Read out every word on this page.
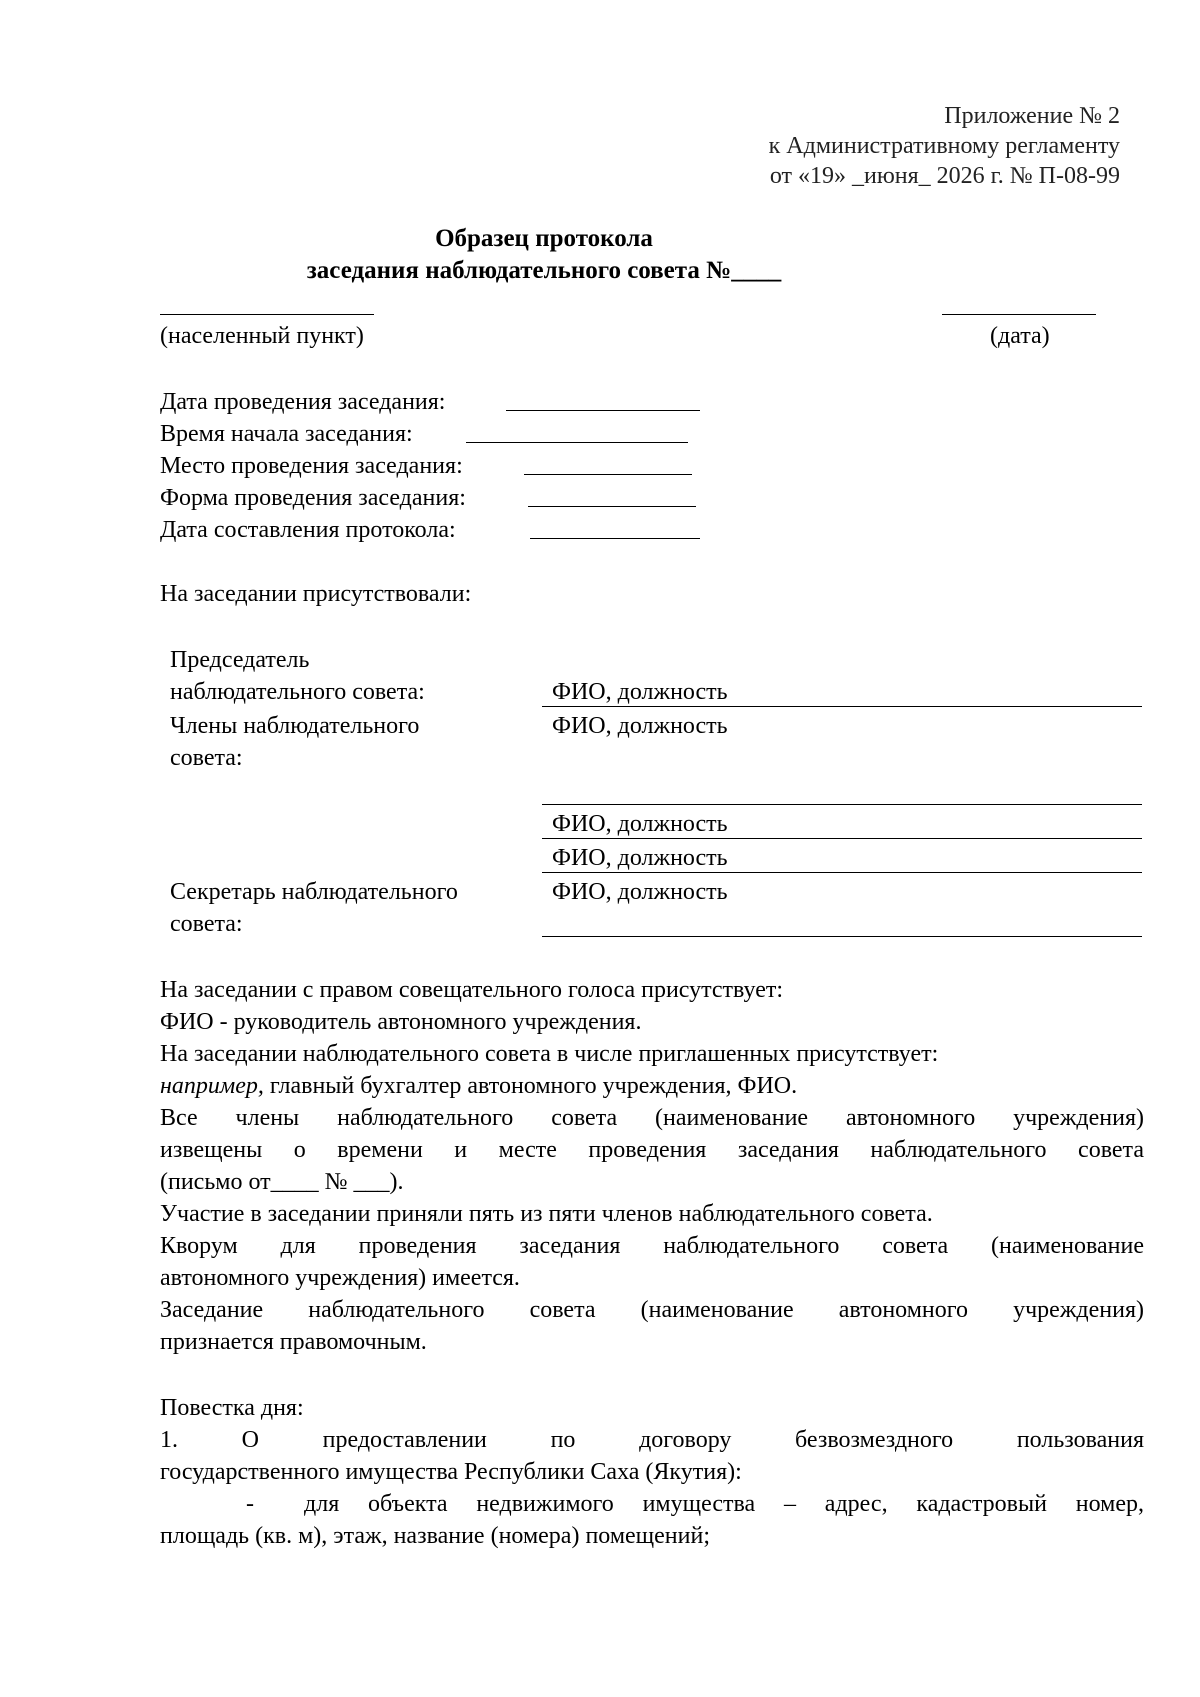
Приложение № 2
к Административному регламенту
от «19» _июня_ 2026 г. № П-08-99
Образец протокола
заседания наблюдательного совета №____
(населенный пункт)	(дата)
Дата проведения заседания:
Время начала заседания:
Место проведения заседания:
Форма проведения заседания:
Дата составления протокола:
На заседании присутствовали:
Председатель
наблюдательного совета:	ФИО, должность
Члены наблюдательного	ФИО, должность
совета:
ФИО, должность
ФИО, должность
Секретарь наблюдательного	ФИО, должность
совета:
На заседании с правом совещательного голоса присутствует:
ФИО - руководитель автономного учреждения.
На заседании наблюдательного совета в числе приглашенных присутствует:
например, главный бухгалтер автономного учреждения, ФИО.
Все члены наблюдательного совета (наименование автономного учреждения)
извещены о времени и месте проведения заседания наблюдательного совета
(письмо от____ № ___).
Участие в заседании приняли пять из пяти членов наблюдательного совета.
Кворум для проведения заседания наблюдательного совета (наименование
автономного учреждения) имеется.
Заседание наблюдательного совета (наименование автономного учреждения)
признается правомочным.
Повестка дня:
1.     О     предоставлении     по     договору     безвозмездного     пользования
государственного имущества Республики Саха (Якутия):
- для объекта недвижимого имущества – адрес, кадастровый номер,
площадь (кв. м), этаж, название (номера) помещений;
